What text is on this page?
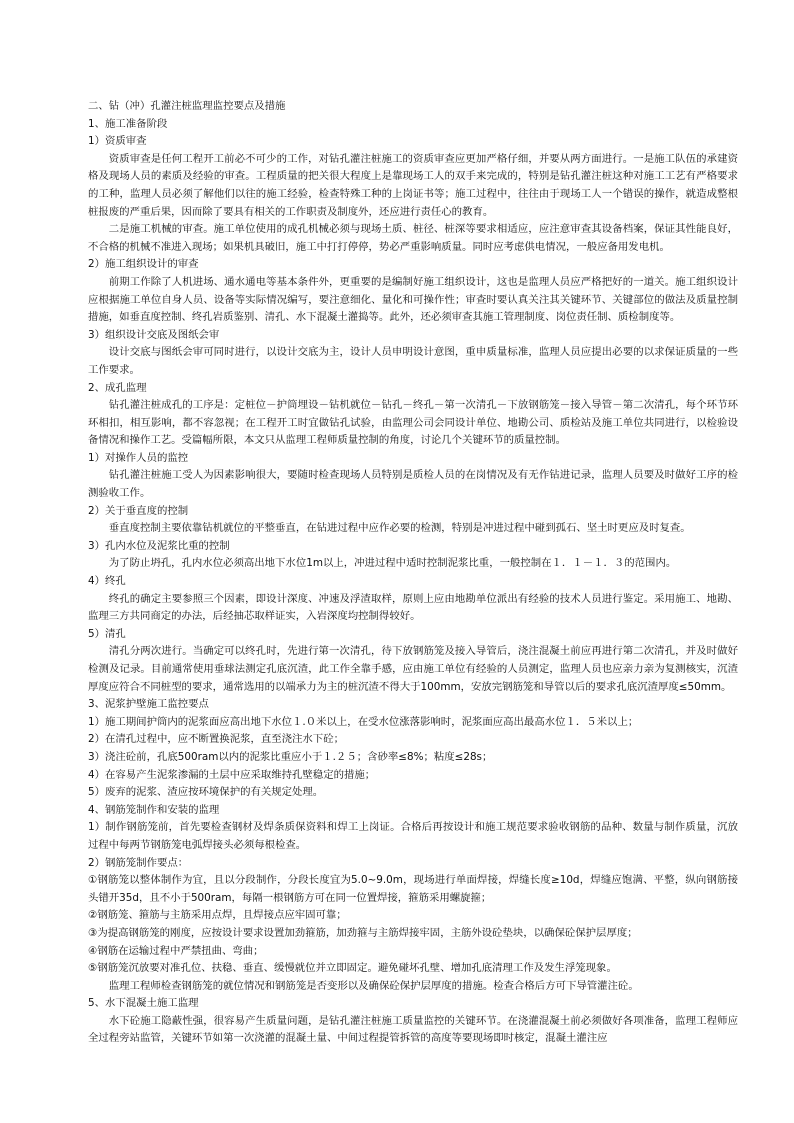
二、钻（冲）孔灌注桩监理监控要点及措施

1、施工准备阶段

1）资质审查

资质审查是任何工程开工前必不可少的工作，对钻孔灌注桩施工的资质审查应更加严格仔细，并要从两方面进行。一是施工队伍的承建资格及现场人员的素质及经验的审查。工程质量的把关很大程度上是靠现场工人的双手来完成的，特别是钻孔灌注桩这种对施工工艺有严格要求的工种，监理人员必须了解他们以往的施工经验，检查特殊工种的上岗证书等；施工过程中，往往由于现场工人一个错误的操作，就造成整根桩报废的严重后果，因而除了要具有相关的工作职责及制度外，还应进行责任心的教育。

二是施工机械的审查。施工单位使用的成孔机械必须与现场土质、桩径、桩深等要求相适应，应注意审查其设备档案，保证其性能良好，不合格的机械不准进入现场；如果机具破旧，施工中打打停停，势必严重影响质量。同时应考虑供电情况，一般应备用发电机。

2）施工组织设计的审查

前期工作除了人机进场、通水通电等基本条件外，更重要的是编制好施工组织设计，这也是监理人员应严格把好的一道关。施工组织设计应根据施工单位自身人员、设备等实际情况编写，要注意细化、量化和可操作性；审查时要认真关注其关键环节、关键部位的做法及质量控制措施，如垂直度控制、终孔岩质鉴别、清孔、水下混凝土灌捣等。此外，还必须审查其施工管理制度、岗位责任制、质检制度等。

3）组织设计交底及图纸会审

设计交底与图纸会审可同时进行，以设计交底为主，设计人员申明设计意图，重申质量标准，监理人员应提出必要的以求保证质量的一些工作要求。

2、成孔监理

钻孔灌注桩成孔的工序是：定桩位－护筒埋设－钻机就位－钻孔－终孔－第一次清孔－下放钢筋笼－接入导管－第二次清孔，每个环节环环相扣，相互影响，都不容忽视；在工程开工时宜做钻孔试验，由监理公司会同设计单位、地勘公司、质检站及施工单位共同进行，以检验设备情况和操作工艺。受篇幅所限，本文只从监理工程师质量控制的角度，讨论几个关键环节的质量控制。

1）对操作人员的监控

钻孔灌注桩施工受人为因素影响很大，要随时检查现场人员特别是质检人员的在岗情况及有无作钻进记录，监理人员要及时做好工序的检测验收工作。

2）关于垂直度的控制

垂直度控制主要依靠钻机就位的平整垂直，在钻进过程中应作必要的检测，特别是冲进过程中碰到孤石、坚土时更应及时复查。

3）孔内水位及泥浆比重的控制

为了防止坍孔，孔内水位必须高出地下水位1m以上，冲进过程中适时控制泥浆比重，一般控制在１．１－１．３的范围内。

4）终孔

终孔的确定主要参照三个因素，即设计深度、冲速及浮渣取样，原则上应由地勘单位派出有经验的技术人员进行鉴定。采用施工、地勘、监理三方共同商定的办法，后经抽芯取样证实，入岩深度均控制得较好。

5）清孔

清孔分两次进行。当确定可以终孔时，先进行第一次清孔，待下放钢筋笼及接入导管后，浇注混凝土前应再进行第二次清孔，并及时做好检测及记录。目前通常使用垂球法测定孔底沉渣，此工作全靠手感，应由施工单位有经验的人员测定，监理人员也应亲力亲为复测核实，沉渣厚度应符合不同桩型的要求，通常选用的以端承力为主的桩沉渣不得大于100mm，安放完钢筋笼和导管以后的要求孔底沉渣厚度≤50mm。

3、泥浆护壁施工监控要点

1）施工期间护筒内的泥浆面应高出地下水位１.０米以上，在受水位涨落影响时，泥浆面应高出最高水位１．５米以上；

2）在清孔过程中，应不断置换泥浆，直至浇注水下砼；

3）浇注砼前，孔底500ram以内的泥浆比重应小于１.２５；含砂率≤8%；粘度≤28s；

4）在容易产生泥浆渗漏的土层中应采取维持孔壁稳定的措施；

5）废弃的泥浆、渣应按环境保护的有关规定处理。

4、钢筋笼制作和安装的监理

1）制作钢筋笼前，首先要检查钢材及焊条质保资料和焊工上岗证。合格后再按设计和施工规范要求验收钢筋的品种、数量与制作质量，沉放过程中每两节钢筋笼电弧焊接头必须每根检查。

2）钢筋笼制作要点：

①钢筋笼以整体制作为宜，且以分段制作，分段长度宜为5.0~9.0m，现场进行单面焊接，焊缝长度≥10d，焊缝应饱满、平整，纵向钢筋接头错开35d，且不小于500ram，每隔一根钢筋方可在同一位置焊接，箍筋采用螺旋箍；

②钢筋笼、箍筋与主筋采用点焊，且焊接点应牢固可靠；

③为提高钢筋笼的刚度，应按设计要求设置加劲箍筋，加劲箍与主筋焊接牢固，主筋外设砼垫块，以确保砼保护层厚度；

④钢筋在运输过程中严禁扭曲、弯曲；

⑤钢筋笼沉放要对准孔位、扶稳、垂直、缓慢就位并立即固定。避免碰坏孔壁、增加孔底清理工作及发生浮笼现象。

监理工程师检查钢筋笼的就位情况和钢筋笼是否变形以及确保砼保护层厚度的措施。检查合格后方可下导管灌注砼。

5、水下混凝土施工监理

水下砼施工隐蔽性强，很容易产生质量问题，是钻孔灌注桩施工质量监控的关键环节。在浇灌混凝土前必须做好各项准备，监理工程师应全过程旁站监管，关键环节如第一次浇灌的混凝土量、中间过程提管拆管的高度等要现场即时核定，混凝土灌注应
